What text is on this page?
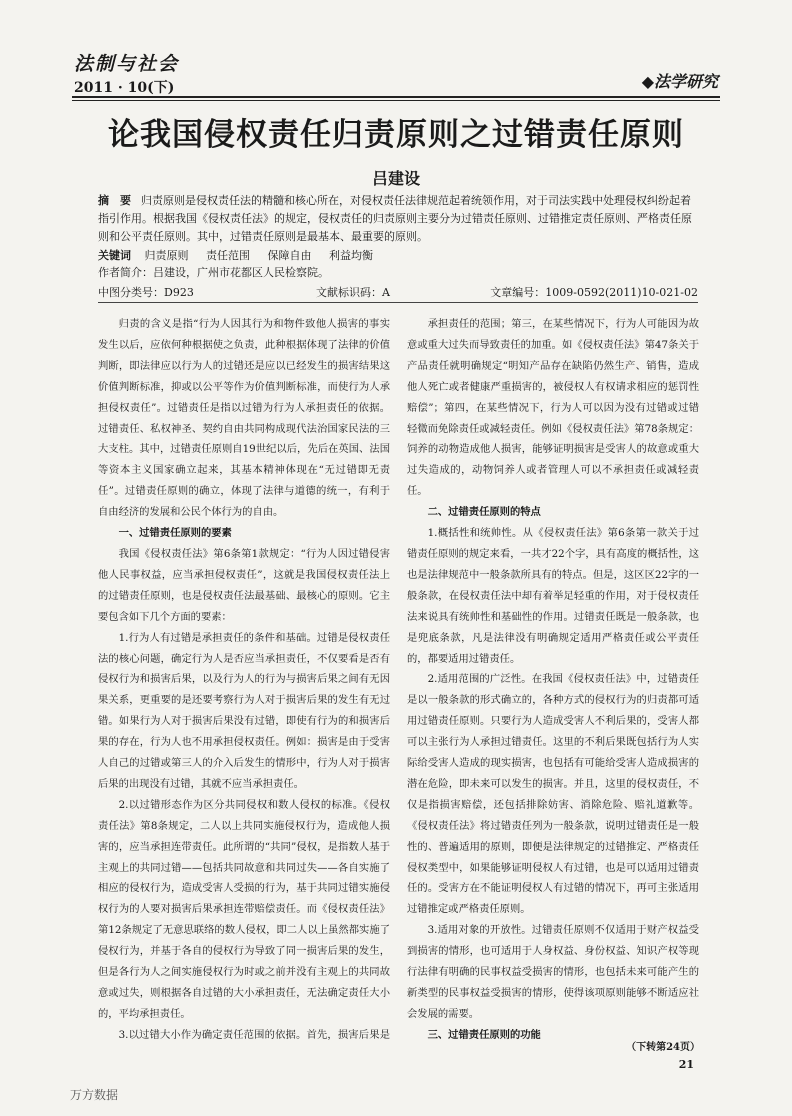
法制与社会
2011 · 10(下)	◆法学研究
论我国侵权责任归责原则之过错责任原则
吕建设
摘　要 归责原则是侵权责任法的精髓和核心所在，对侵权责任法律规范起着统领作用，对于司法实践中处理侵权纠纷起着指引作用。根据我国《侵权责任法》的规定，侵权责任的归责原则主要分为过错责任原则、过错推定责任原则、严格责任原则和公平责任原则。其中，过错责任原则是最基本、最重要的原则。
关键词 归责原则 责任范围 保障自由 利益均衡
作者简介：吕建设，广州市花都区人民检察院。
中图分类号：D923	文献标识码：A	文章编号：1009-0592(2011)10-021-02

归责的含义是指“行为人因其行为和物件致他人损害的事实发生以后，应依何种根据使之负责，此种根据体现了法律的价值判断，即法律应以行为人的过错还是应以已经发生的损害结果这价值判断标准，抑或以公平等作为价值判断标准，而使行为人承担侵权责任”。过错责任是指以过错为行为人承担责任的依据。过错责任、私权神圣、契约自由共同构成现代法治国家民法的三大支柱。其中，过错责任原则自19世纪以后，先后在英国、法国等资本主义国家确立起来，其基本精神体现在“无过错即无责任”。过错责任原则的确立，体现了法律与道德的统一，有利于自由经济的发展和公民个体行为的自由。

一、过错责任原则的要素

我国《侵权责任法》第6条第1款规定：“行为人因过错侵害他人民事权益，应当承担侵权责任”，这就是我国侵权责任法上的过错责任原则，也是侵权责任法最基础、最核心的原则。它主要包含如下几个方面的要素：

1.行为人有过错是承担责任的条件和基础。过错是侵权责任法的核心问题，确定行为人是否应当承担责任，不仅要看是否有侵权行为和损害后果，以及行为人的行为与损害后果之间有无因果关系，更重要的是还要考察行为人对于损害后果的发生有无过错。如果行为人对于损害后果没有过错，即使有行为的和损害后果的存在，行为人也不用承担侵权责任。例如：损害是由于受害人自己的过错或第三人的介入后发生的情形中，行为人对于损害后果的出现没有过错，其就不应当承担责任。

2.以过错形态作为区分共同侵权和数人侵权的标准。《侵权责任法》第8条规定，二人以上共同实施侵权行为，造成他人损害的，应当承担连带责任。此所谓的“共同”侵权，是指数人基于主观上的共同过错——包括共同故意和共同过失——各自实施了相应的侵权行为，造成受害人受损的行为，基于共同过错实施侵权行为的人要对损害后果承担连带赔偿责任。而《侵权责任法》第12条规定了无意思联络的数人侵权，即二人以上虽然都实施了侵权行为，并基于各自的侵权行为导致了同一损害后果的发生，但是各行为人之间实施侵权行为时或之前并没有主观上的共同故意或过失，则根据各自过错的大小承担责任，无法确定责任大小的，平均承担责任。

3.以过错大小作为确定责任范围的依据。首先，损害后果是

承担责任的范围；第三，在某些情况下，行为人可能因为故意或重大过失而导致责任的加重。如《侵权责任法》第47条关于产品责任就明确规定“明知产品存在缺陷仍然生产、销售，造成他人死亡或者健康严重损害的，被侵权人有权请求相应的惩罚性赔偿”；第四，在某些情况下，行为人可以因为没有过错或过错轻微而免除责任或减轻责任。例如《侵权责任法》第78条规定：饲养的动物造成他人损害，能够证明损害是受害人的故意或重大过失造成的，动物饲养人或者管理人可以不承担责任或减轻责任。

二、过错责任原则的特点

1.概括性和统帅性。从《侵权责任法》第6条第一款关于过错责任原则的规定来看，一共才22个字，具有高度的概括性，这也是法律规范中一般条款所具有的特点。但是，这区区22字的一般条款，在侵权责任法中却有着举足轻重的作用，对于侵权责任法来说具有统帅性和基础性的作用。过错责任既是一般条款，也是兜底条款，凡是法律没有明确规定适用严格责任或公平责任的，都要适用过错责任。

2.适用范围的广泛性。在我国《侵权责任法》中，过错责任是以一般条款的形式确立的，各种方式的侵权行为的归责都可适用过错责任原则。只要行为人造成受害人不利后果的，受害人都可以主张行为人承担过错责任。这里的不利后果既包括行为人实际给受害人造成的现实损害，也包括有可能给受害人造成损害的潜在危险，即未来可以发生的损害。并且，这里的侵权责任，不仅是指损害赔偿，还包括排除妨害、消除危险、赔礼道歉等。《侵权责任法》将过错责任列为一般条款，说明过错责任是一般性的、普遍适用的原则，即便是法律规定的过错推定、严格责任侵权类型中，如果能够证明侵权人有过错，也是可以适用过错责任的。受害方在不能证明侵权人有过错的情况下，再可主张适用过错推定或严格责任原则。

3.适用对象的开放性。过错责任原则不仅适用于财产权益受到损害的情形，也可适用于人身权益、身份权益、知识产权等现行法律有明确的民事权益受损害的情形，也包括未来可能产生的新类型的民事权益受损害的情形，使得该项原则能够不断适应社会发展的需要。

三、过错责任原则的功能

（下转第24页）
21
万方数据
